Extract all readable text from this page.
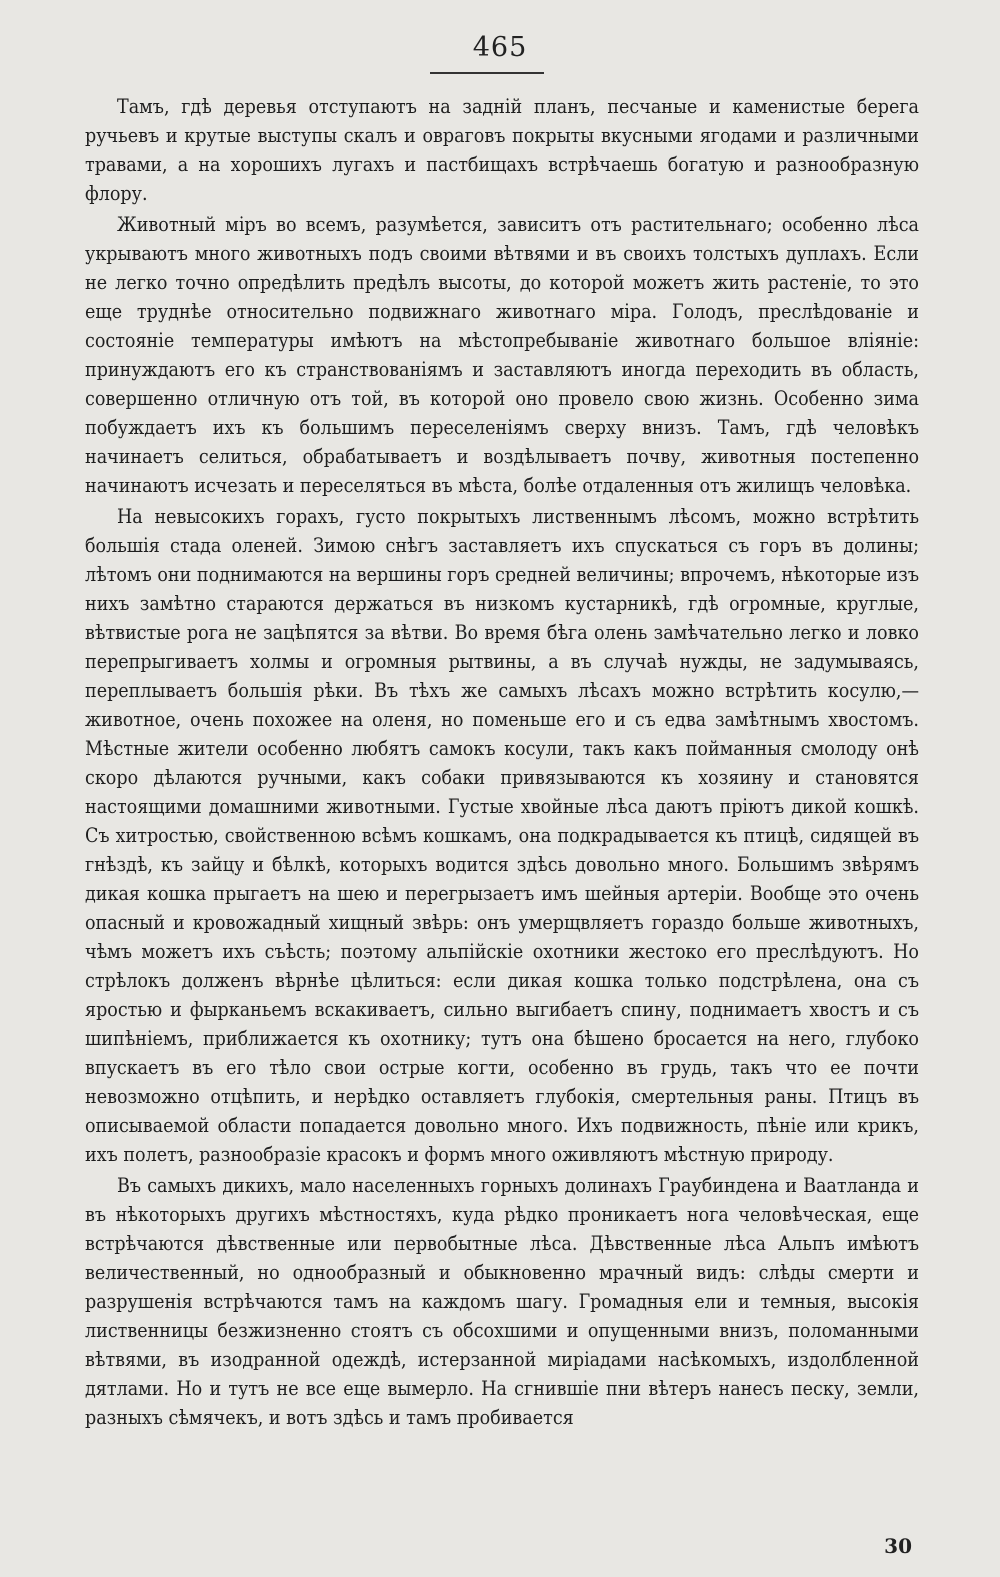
465

Тамъ, гдѣ деревья отступаютъ на задній планъ, песчаные и каменистые берега ручьевъ и крутые выступы скалъ и овраговъ покрыты вкусными ягодами и различными травами, а на хорошихъ лугахъ и пастбищахъ встрѣчаешь богатую и разнообразную флору.

Животный міръ во всемъ, разумѣется, зависитъ отъ растительнаго; особенно лѣса укрываютъ много животныхъ подъ своими вѣтвями и въ своихъ толстыхъ дуплахъ. Если не легко точно опредѣлить предѣлъ высоты, до которой можетъ жить растеніе, то это еще труднѣе относительно подвижнаго животнаго міра. Голодъ, преслѣдованіе и состояніе температуры имѣютъ на мѣстопребываніе животнаго большое вліяніе: принуждаютъ его къ странствованіямъ и заставляютъ иногда переходить въ область, совершенно отличную отъ той, въ которой оно провело свою жизнь. Особенно зима побуждаетъ ихъ къ большимъ переселеніямъ сверху внизъ. Тамъ, гдѣ человѣкъ начинаетъ селиться, обрабатываетъ и воздѣлываетъ почву, животныя постепенно начинаютъ исчезать и переселяться въ мѣста, болѣе отдаленныя отъ жилищъ человѣка.

На невысокихъ горахъ, густо покрытыхъ лиственнымъ лѣсомъ, можно встрѣтить большія стада оленей. Зимою снѣгъ заставляетъ ихъ спускаться съ горъ въ долины; лѣтомъ они поднимаются на вершины горъ средней величины; впрочемъ, нѣкоторые изъ нихъ замѣтно стараются держаться въ низкомъ кустарникѣ, гдѣ огромные, круглые, вѣтвистые рога не зацѣпятся за вѣтви. Во время бѣга олень замѣчательно легко и ловко перепрыгиваетъ холмы и огромныя рытвины, а въ случаѣ нужды, не задумываясь, переплываетъ большія рѣки. Въ тѣхъ же самыхъ лѣсахъ можно встрѣтить косулю,—животное, очень похожее на оленя, но поменьше его и съ едва замѣтнымъ хвостомъ. Мѣстные жители особенно любятъ самокъ косули, такъ какъ пойманныя смолоду онѣ скоро дѣлаются ручными, какъ собаки привязываются къ хозяину и становятся настоящими домашними животными. Густые хвойные лѣса даютъ пріютъ дикой кошкѣ. Съ хитростью, свойственною всѣмъ кошкамъ, она подкрадывается къ птицѣ, сидящей въ гнѣздѣ, къ зайцу и бѣлкѣ, которыхъ водится здѣсь довольно много. Большимъ звѣрямъ дикая кошка прыгаетъ на шею и перегрызаетъ имъ шейныя артеріи. Вообще это очень опасный и кровожадный хищный звѣрь: онъ умерщвляетъ гораздо больше животныхъ, чѣмъ можетъ ихъ съѣсть; поэтому альпійскіе охотники жестоко его преслѣдуютъ. Но стрѣлокъ долженъ вѣрнѣе цѣлиться: если дикая кошка только подстрѣлена, она съ яростью и фырканьемъ вскакиваетъ, сильно выгибаетъ спину, поднимаетъ хвостъ и съ шипѣніемъ, приближается къ охотнику; тутъ она бѣшено бросается на него, глубоко впускаетъ въ его тѣло свои острые когти, особенно въ грудь, такъ что ее почти невозможно отцѣпить, и нерѣдко оставляетъ глубокія, смертельныя раны. Птицъ въ описываемой области попадается довольно много. Ихъ подвижность, пѣніе или крикъ, ихъ полетъ, разнообразіе красокъ и формъ много оживляютъ мѣстную природу.

Въ самыхъ дикихъ, мало населенныхъ горныхъ долинахъ Граубиндена и Ваатланда и въ нѣкоторыхъ другихъ мѣстностяхъ, куда рѣдко проникаетъ нога человѣческая, еще встрѣчаются дѣвственные или первобытные лѣса. Дѣвственные лѣса Альпъ имѣютъ величественный, но однообразный и обыкновенно мрачный видъ: слѣды смерти и разрушенія встрѣчаются тамъ на каждомъ шагу. Громадныя ели и темныя, высокія лиственницы безжизненно стоятъ съ обсохшими и опущенными внизъ, поломанными вѣтвями, въ изодранной одеждѣ, истерзанной миріадами насѣкомыхъ, издолбленной дятлами. Но и тутъ не все еще вымерло. На сгнившіе пни вѣтеръ нанесъ песку, земли, разныхъ сѣмячекъ, и вотъ здѣсь и тамъ пробивается

30
